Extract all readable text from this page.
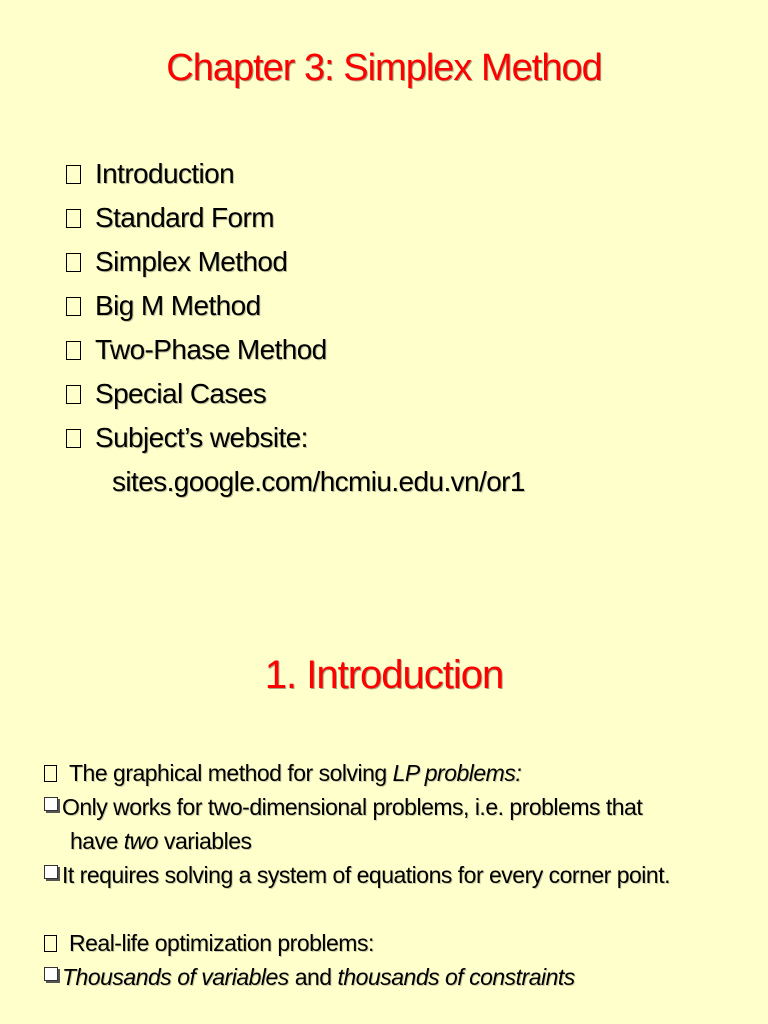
Chapter 3: Simplex Method
Introduction
Standard Form
Simplex Method
Big M Method
Two-Phase Method
Special Cases
Subject’s website:
sites.google.com/hcmiu.edu.vn/or1
1. Introduction
The graphical method for solving LP problems:
Only works for two-dimensional problems, i.e. problems that
have two variables
It requires solving a system of equations for every corner point.
Real-life optimization problems:
Thousands of variables and thousands of constraints
